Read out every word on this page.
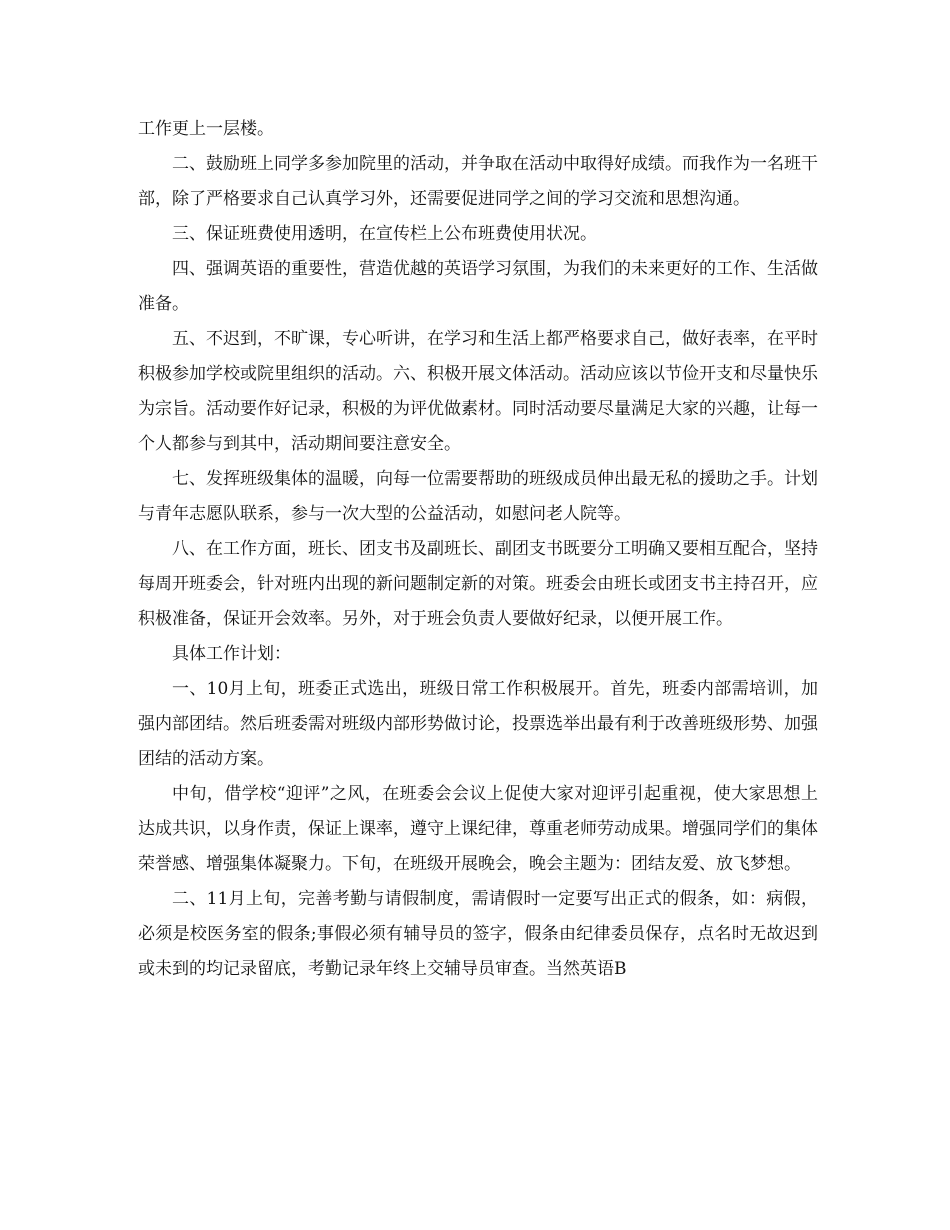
工作更上一层楼。

二、鼓励班上同学多参加院里的活动，并争取在活动中取得好成绩。而我作为一名班干部，除了严格要求自己认真学习外，还需要促进同学之间的学习交流和思想沟通。

三、保证班费使用透明，在宣传栏上公布班费使用状况。

四、强调英语的重要性，营造优越的英语学习氛围，为我们的未来更好的工作、生活做准备。

五、不迟到，不旷课，专心听讲，在学习和生活上都严格要求自己，做好表率，在平时积极参加学校或院里组织的活动。六、积极开展文体活动。活动应该以节俭开支和尽量快乐为宗旨。活动要作好记录，积极的为评优做素材。同时活动要尽量满足大家的兴趣，让每一个人都参与到其中，活动期间要注意安全。

七、发挥班级集体的温暖，向每一位需要帮助的班级成员伸出最无私的援助之手。计划与青年志愿队联系，参与一次大型的公益活动，如慰问老人院等。

八、在工作方面，班长、团支书及副班长、副团支书既要分工明确又要相互配合，坚持每周开班委会，针对班内出现的新问题制定新的对策。班委会由班长或团支书主持召开，应积极准备，保证开会效率。另外，对于班会负责人要做好纪录，以便开展工作。

具体工作计划：

一、10月上旬，班委正式选出，班级日常工作积极展开。首先，班委内部需培训，加强内部团结。然后班委需对班级内部形势做讨论，投票选举出最有利于改善班级形势、加强团结的活动方案。

中旬，借学校“迎评”之风，在班委会会议上促使大家对迎评引起重视，使大家思想上达成共识，以身作责，保证上课率，遵守上课纪律，尊重老师劳动成果。增强同学们的集体荣誉感、增强集体凝聚力。下旬，在班级开展晚会，晚会主题为：团结友爱、放飞梦想。

二、11月上旬，完善考勤与请假制度，需请假时一定要写出正式的假条，如：病假，必须是校医务室的假条;事假必须有辅导员的签字，假条由纪律委员保存，点名时无故迟到或未到的均记录留底，考勤记录年终上交辅导员审查。当然英语B
